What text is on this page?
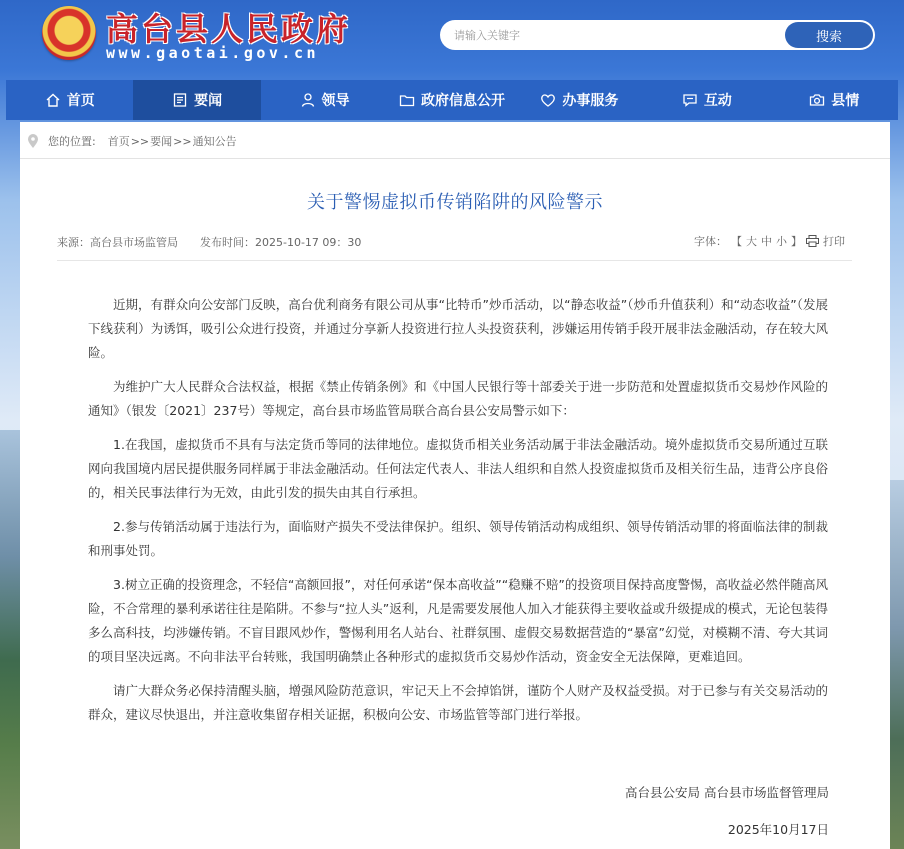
★
高台县人民政府
www.gaotai.gov.cn
请输入关键字
搜索
首页	要闻	领导	政府信息公开	办事服务	互动	县情
您的位置: 首页 >> 要闻 >> 通知公告
关于警惕虚拟币传销陷阱的风险警示
来源：高台县市场监管局 发布时间：2025-10-17 09：30	字体： 【 大 中 小 】 打印

近期，有群众向公安部门反映，高台优利商务有限公司从事“比特币”炒币活动，以“静态收益”（炒币升值获利）和“动态收益”（发展下线获利）为诱饵，吸引公众进行投资，并通过分享新人投资进行拉人头投资获利，涉嫌运用传销手段开展非法金融活动，存在较大风险。

为维护广大人民群众合法权益，根据《禁止传销条例》和《中国人民银行等十部委关于进一步防范和处置虚拟货币交易炒作风险的通知》（银发〔2021〕237号）等规定，高台县市场监管局联合高台县公安局警示如下：

1.在我国，虚拟货币不具有与法定货币等同的法律地位。虚拟货币相关业务活动属于非法金融活动。境外虚拟货币交易所通过互联网向我国境内居民提供服务同样属于非法金融活动。任何法定代表人、非法人组织和自然人投资虚拟货币及相关衍生品，违背公序良俗的，相关民事法律行为无效，由此引发的损失由其自行承担。

2.参与传销活动属于违法行为，面临财产损失不受法律保护。组织、领导传销活动构成组织、领导传销活动罪的将面临法律的制裁和刑事处罚。

3.树立正确的投资理念，不轻信“高额回报”，对任何承诺“保本高收益”“稳赚不赔”的投资项目保持高度警惕，高收益必然伴随高风险，不合常理的暴利承诺往往是陷阱。不参与“拉人头”返利，凡是需要发展他人加入才能获得主要收益或升级提成的模式，无论包装得多么高科技，均涉嫌传销。不盲目跟风炒作，警惕利用名人站台、社群氛围、虚假交易数据营造的“暴富”幻觉，对模糊不清、夸大其词的项目坚决远离。不向非法平台转账，我国明确禁止各种形式的虚拟货币交易炒作活动，资金安全无法保障，更难追回。

请广大群众务必保持清醒头脑，增强风险防范意识，牢记天上不会掉馅饼，谨防个人财产及权益受损。对于已参与有关交易活动的群众，建议尽快退出，并注意收集留存相关证据，积极向公安、市场监管等部门进行举报。

高台县公安局 高台县市场监督管理局
2025年10月17日
